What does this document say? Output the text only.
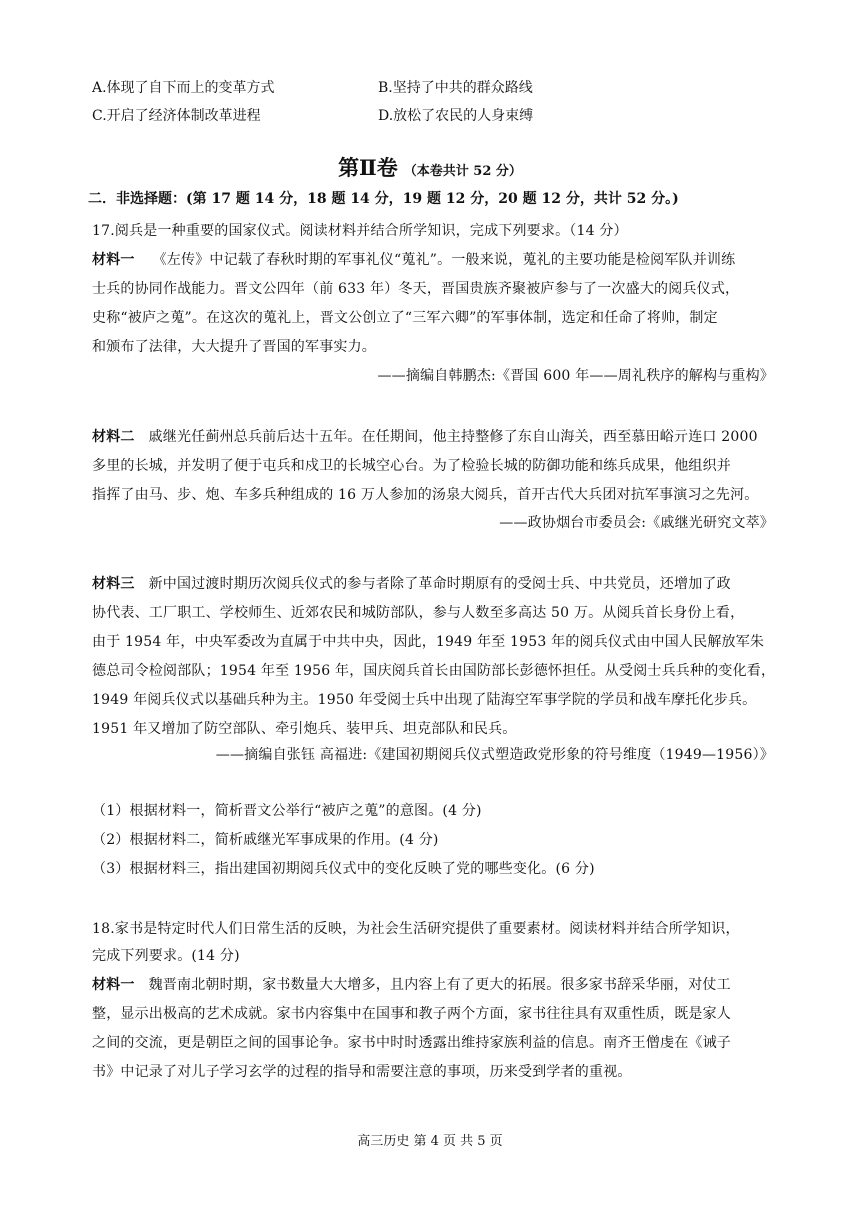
A.体现了自下而上的变革方式	B.坚持了中共的群众路线
C.开启了经济体制改革进程	D.放松了农民的人身束缚
第Ⅱ卷 （本卷共计 52 分）
二．非选择题：(第 17 题 14 分，18 题 14 分，19 题 12 分，20 题 12 分，共计 52 分。)
17.阅兵是一种重要的国家仪式。阅读材料并结合所学知识，完成下列要求。（14 分）
材料一 《左传》中记载了春秋时期的军事礼仪“蒐礼”。一般来说，蒐礼的主要功能是检阅军队并训练
士兵的协同作战能力。晋文公四年（前 633 年）冬天，晋国贵族齐聚被庐参与了一次盛大的阅兵仪式，
史称“被庐之蒐”。在这次的蒐礼上，晋文公创立了“三军六卿”的军事体制，选定和任命了将帅，制定
和颁布了法律，大大提升了晋国的军事实力。
——摘编自韩鹏杰:《晋国 600 年——周礼秩序的解构与重构》
材料二 戚继光任蓟州总兵前后达十五年。在任期间，他主持整修了东自山海关，西至慕田峪亓连口 2000
多里的长城，并发明了便于屯兵和戍卫的长城空心台。为了检验长城的防御功能和练兵成果，他组织并
指挥了由马、步、炮、车多兵种组成的 16 万人参加的汤泉大阅兵，首开古代大兵团对抗军事演习之先河。
——政协烟台市委员会:《戚继光研究文萃》
材料三 新中国过渡时期历次阅兵仪式的参与者除了革命时期原有的受阅士兵、中共党员，还增加了政
协代表、工厂职工、学校师生、近郊农民和城防部队，参与人数至多高达 50 万。从阅兵首长身份上看，
由于 1954 年，中央军委改为直属于中共中央，因此，1949 年至 1953 年的阅兵仪式由中国人民解放军朱
德总司令检阅部队；1954 年至 1956 年，国庆阅兵首长由国防部长彭德怀担任。从受阅士兵兵种的变化看，
1949 年阅兵仪式以基础兵种为主。1950 年受阅士兵中出现了陆海空军事学院的学员和战车摩托化步兵。
1951 年又增加了防空部队、牵引炮兵、装甲兵、坦克部队和民兵。
——摘编自张钰 高福进:《建国初期阅兵仪式塑造政党形象的符号维度（1949—1956）》
（1）根据材料一，简析晋文公举行“被庐之蒐”的意图。(4 分)
（2）根据材料二，简析戚继光军事成果的作用。(4 分)
（3）根据材料三，指出建国初期阅兵仪式中的变化反映了党的哪些变化。(6 分)
18.家书是特定时代人们日常生活的反映，为社会生活研究提供了重要素材。阅读材料并结合所学知识，
完成下列要求。(14 分)
材料一 魏晋南北朝时期，家书数量大大增多，且内容上有了更大的拓展。很多家书辞采华丽，对仗工
整，显示出极高的艺术成就。家书内容集中在国事和教子两个方面，家书往往具有双重性质，既是家人
之间的交流，更是朝臣之间的国事论争。家书中时时透露出维持家族利益的信息。南齐王僧虔在《诫子
书》中记录了对儿子学习玄学的过程的指导和需要注意的事项，历来受到学者的重视。
高三历史 第 4 页 共 5 页
